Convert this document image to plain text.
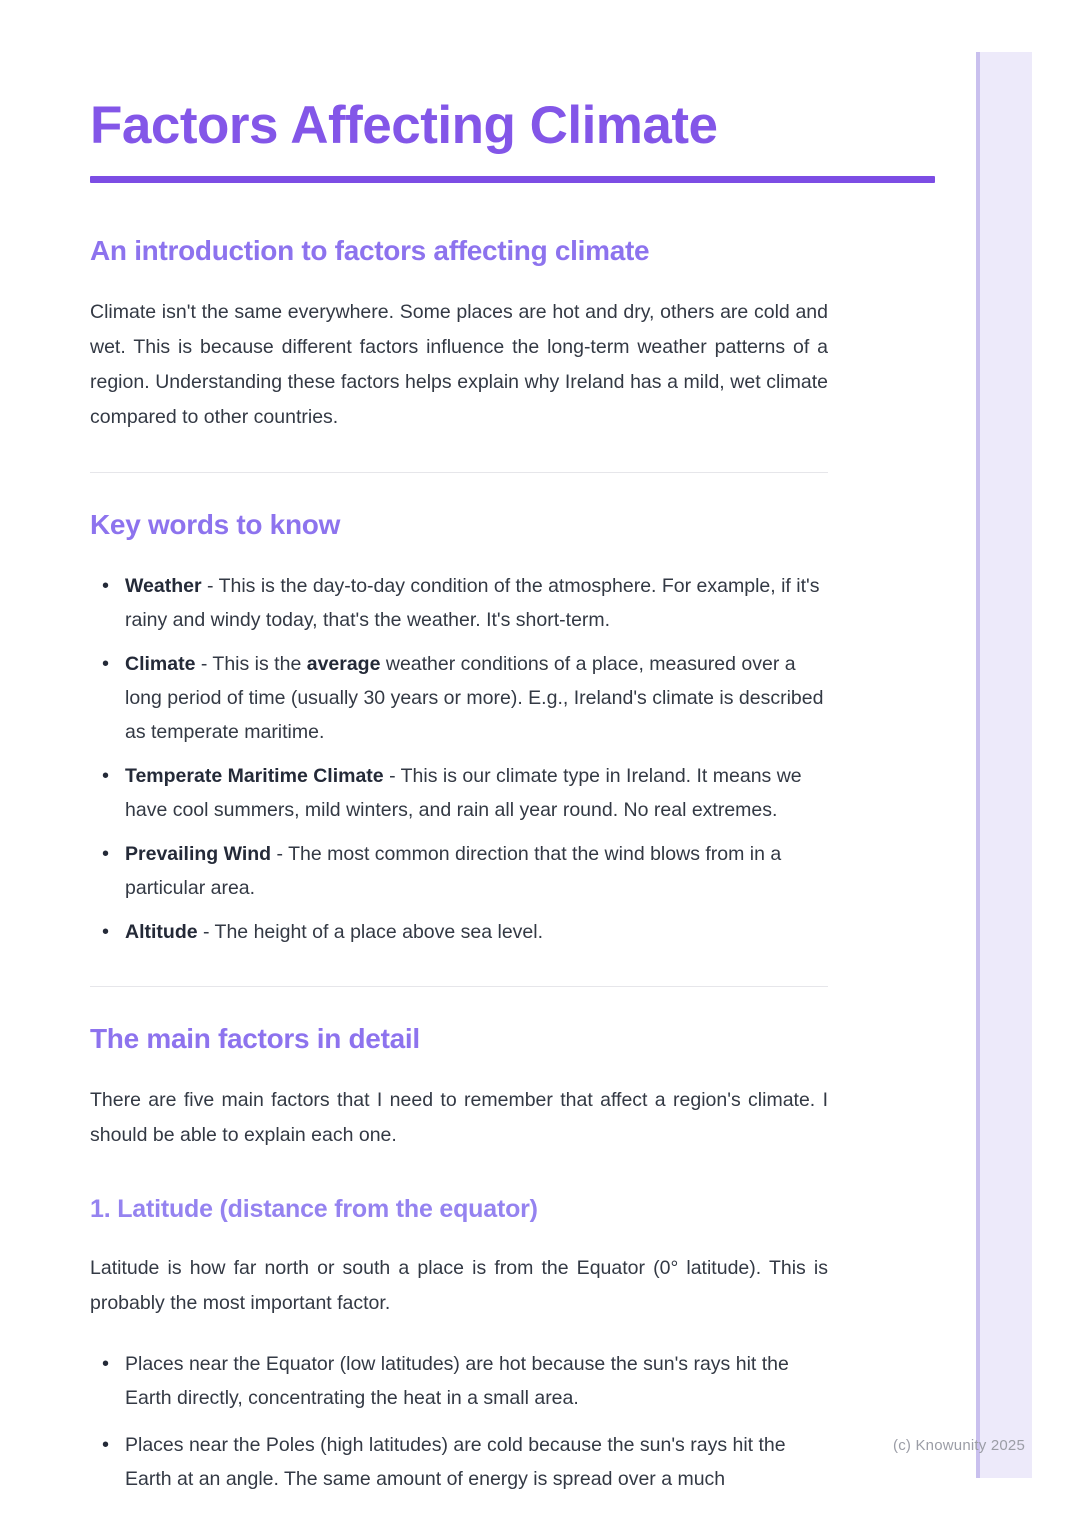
(c) Knowunity 2025
Factors Affecting Climate
An introduction to factors affecting climate

Climate isn't the same everywhere. Some places are hot and dry, others are cold and wet. This is because different factors influence the long-term weather patterns of a region. Understanding these factors helps explain why Ireland has a mild, wet climate compared to other countries.

Key words to know
• Weather - This is the day-to-day condition of the atmosphere. For example, if it's rainy and windy today, that's the weather. It's short-term.
• Climate - This is the average weather conditions of a place, measured over a long period of time (usually 30 years or more). E.g., Ireland's climate is described as temperate maritime.
• Temperate Maritime Climate - This is our climate type in Ireland. It means we have cool summers, mild winters, and rain all year round. No real extremes.
• Prevailing Wind - The most common direction that the wind blows from in a particular area.
• Altitude - The height of a place above sea level.
The main factors in detail

There are five main factors that I need to remember that affect a region's climate. I should be able to explain each one.

1. Latitude (distance from the equator)

Latitude is how far north or south a place is from the Equator (0° latitude). This is probably the most important factor.

• Places near the Equator (low latitudes) are hot because the sun's rays hit the Earth directly, concentrating the heat in a small area.
• Places near the Poles (high latitudes) are cold because the sun's rays hit the Earth at an angle. The same amount of energy is spread over a much
